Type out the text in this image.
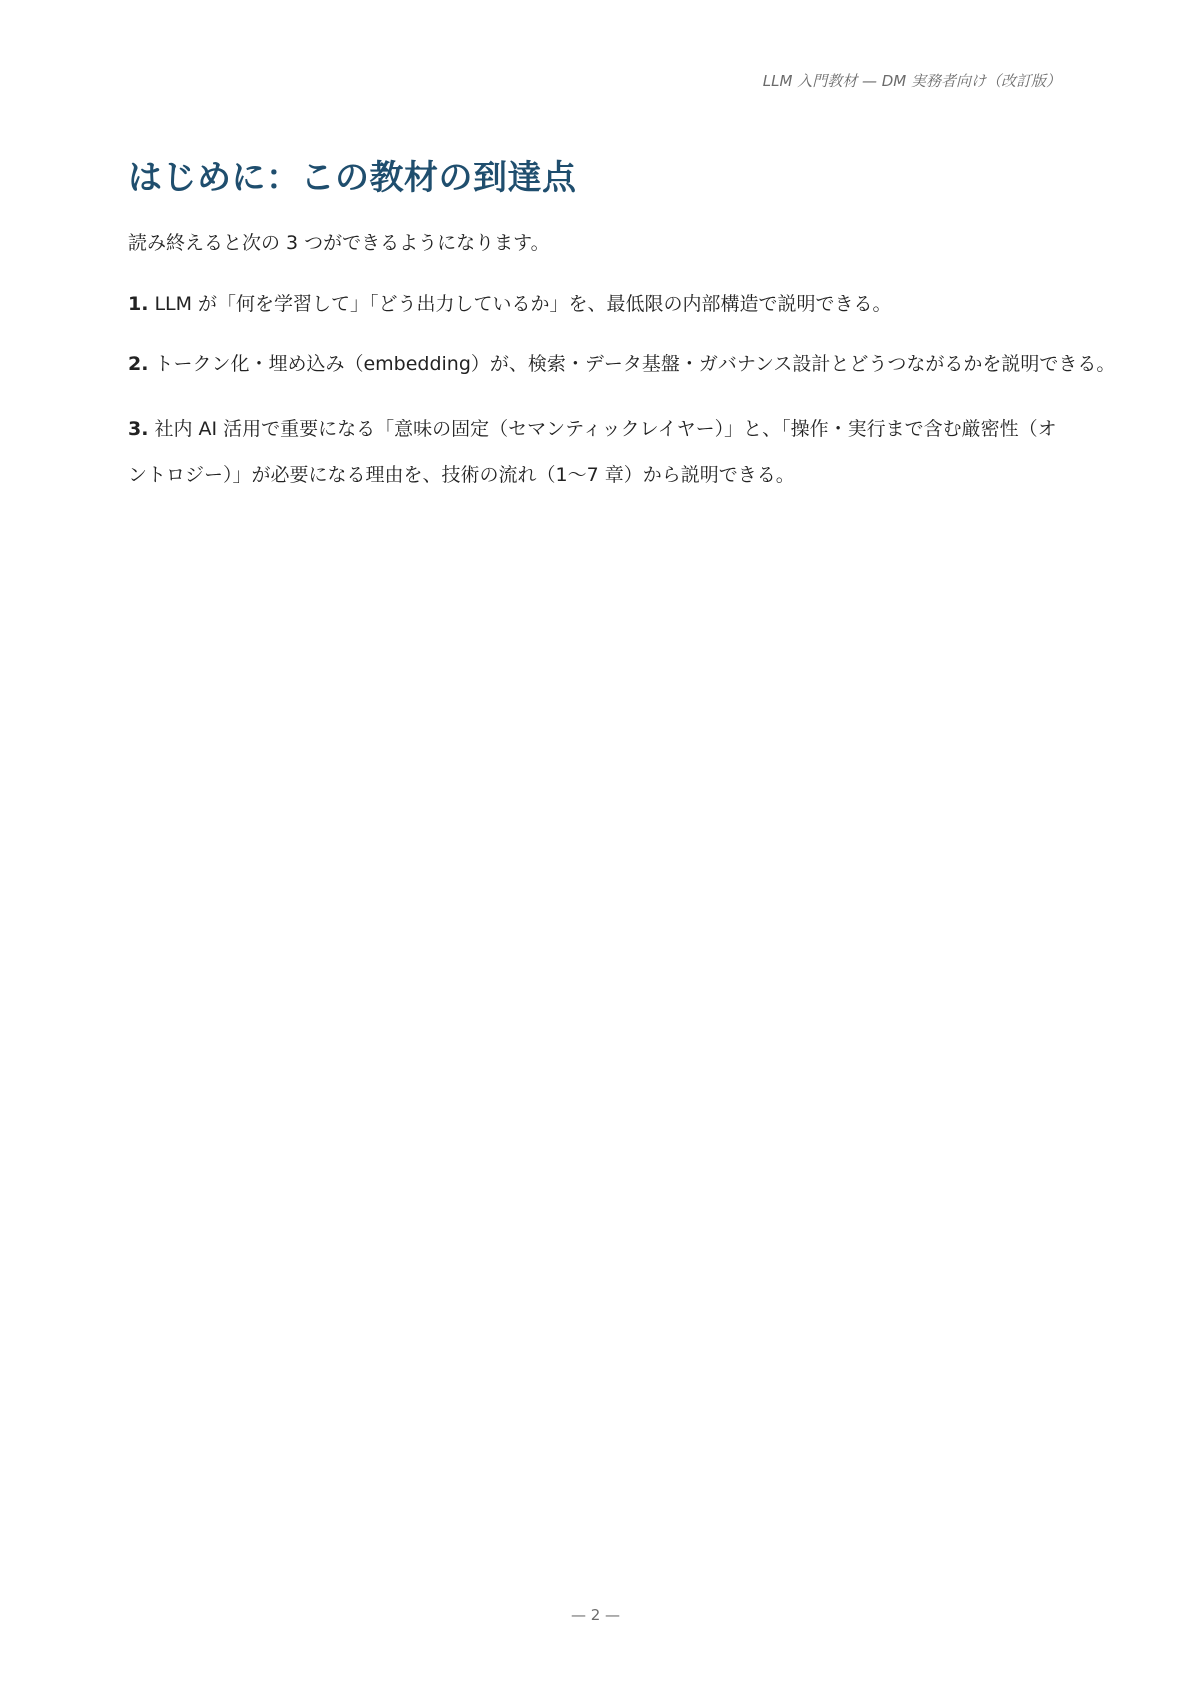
LLM 入門教材 — DM 実務者向け（改訂版）
はじめに：この教材の到達点

読み終えると次の 3 つができるようになります。

1. LLM が「何を学習して」「どう出力しているか」を、最低限の内部構造で説明できる。
2. トークン化・埋め込み（embedding）が、検索・データ基盤・ガバナンス設計とどうつながるかを説明できる。
3. 社内 AI 活用で重要になる「意味の固定（セマンティックレイヤー）」と、「操作・実行まで含む厳密性（オントロジー）」が必要になる理由を、技術の流れ（1〜7 章）から説明できる。
— 2 —
